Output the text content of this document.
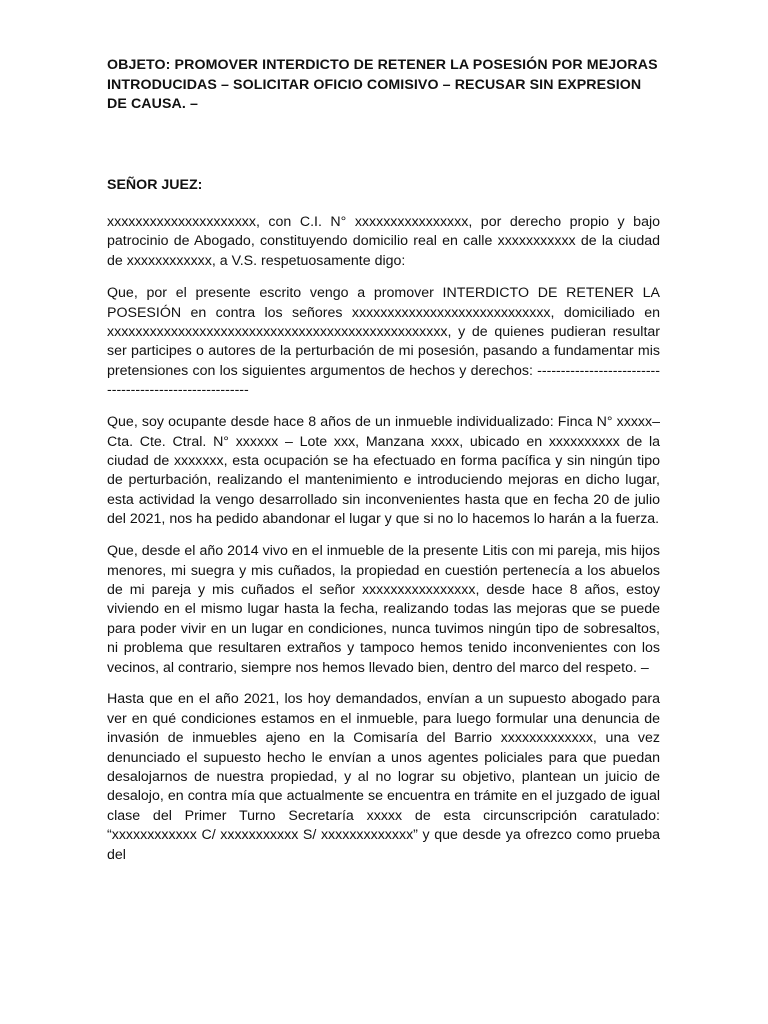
OBJETO: PROMOVER INTERDICTO DE RETENER LA POSESIÓN POR MEJORAS INTRODUCIDAS – SOLICITAR OFICIO COMISIVO – RECUSAR SIN EXPRESION DE CAUSA. –

SEÑOR JUEZ:

xxxxxxxxxxxxxxxxxxxxx, con C.I. N° xxxxxxxxxxxxxxxx, por derecho propio y bajo patrocinio de Abogado, constituyendo domicilio real en calle xxxxxxxxxxx de la ciudad de xxxxxxxxxxxx, a V.S. respetuosamente digo:

Que, por el presente escrito vengo a promover INTERDICTO DE RETENER LA POSESIÓN en contra los señores xxxxxxxxxxxxxxxxxxxxxxxxxxxx, domiciliado en xxxxxxxxxxxxxxxxxxxxxxxxxxxxxxxxxxxxxxxxxxxxxxxx, y de quienes pudieran resultar ser participes o autores de la perturbación de mi posesión, pasando a fundamentar mis pretensiones con los siguientes argumentos de hechos y derechos: --------------------------------------------------------

Que, soy ocupante desde hace 8 años de un inmueble individualizado: Finca N° xxxxx– Cta. Cte. Ctral. N° xxxxxx – Lote xxx, Manzana xxxx, ubicado en xxxxxxxxxx de la ciudad de xxxxxxx, esta ocupación se ha efectuado en forma pacífica y sin ningún tipo de perturbación, realizando el mantenimiento e introduciendo mejoras en dicho lugar, esta actividad la vengo desarrollado sin inconvenientes hasta que en fecha 20 de julio del 2021, nos ha pedido abandonar el lugar y que si no lo hacemos lo harán a la fuerza.

Que, desde el año 2014 vivo en el inmueble de la presente Litis con mi pareja, mis hijos menores, mi suegra y mis cuñados, la propiedad en cuestión pertenecía a los abuelos de mi pareja y mis cuñados el señor xxxxxxxxxxxxxxxx, desde hace 8 años, estoy viviendo en el mismo lugar hasta la fecha, realizando todas las mejoras que se puede para poder vivir en un lugar en condiciones, nunca tuvimos ningún tipo de sobresaltos, ni problema que resultaren extraños y tampoco hemos tenido inconvenientes con los vecinos, al contrario, siempre nos hemos llevado bien, dentro del marco del respeto. –

Hasta que en el año 2021, los hoy demandados, envían a un supuesto abogado para ver en qué condiciones estamos en el inmueble, para luego formular una denuncia de invasión de inmuebles ajeno en la Comisaría del Barrio xxxxxxxxxxxxx, una vez denunciado el supuesto hecho le envían a unos agentes policiales para que puedan desalojarnos de nuestra propiedad, y al no lograr su objetivo, plantean un juicio de desalojo, en contra mía que actualmente se encuentra en trámite en el juzgado de igual clase del Primer Turno Secretaría xxxxx de esta circunscripción caratulado: “xxxxxxxxxxxx C/ xxxxxxxxxxx S/ xxxxxxxxxxxxx” y que desde ya ofrezco como prueba del
